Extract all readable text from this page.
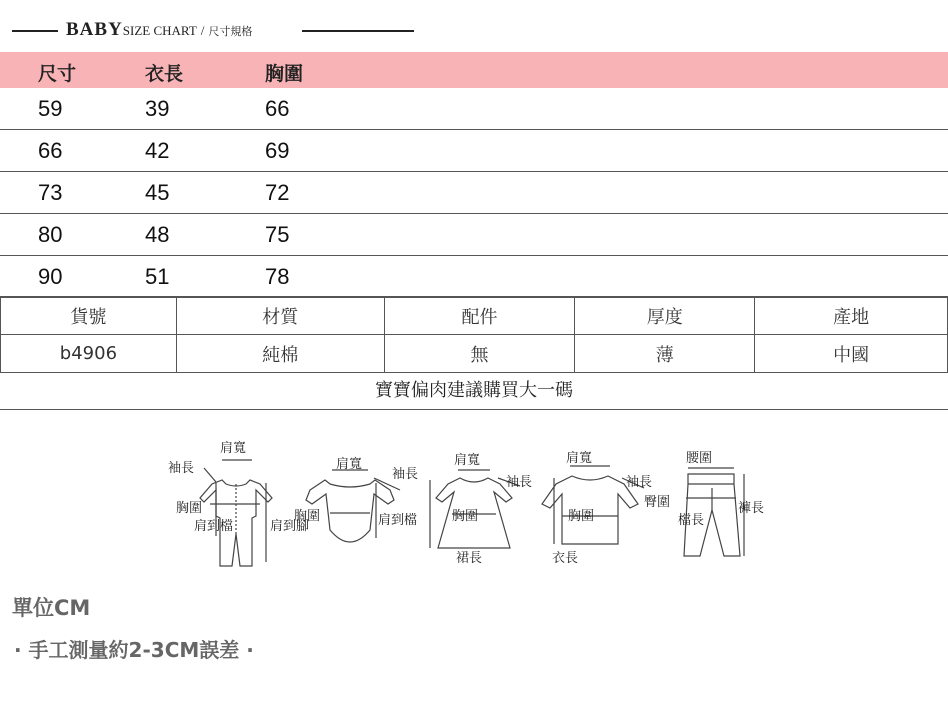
BABYSIZE CHART / 尺寸規格
尺寸	衣長	胸圍
59	39	66
66	42	69
73	45	72
80	48	75
90	51	78
貨號	材質	配件	厚度	產地
b4906	純棉	無	薄	中國
寶寶偏肉建議購買大一碼
肩寬
袖長
胸圍
肩到檔	肩到腳
肩寬
袖長
胸圍	肩到檔
肩寬
袖長
胸圍
裙長
肩寬
袖長
胸圍
衣長
腰圍
臀圍
檔長
褲長
單位CM
· 手工測量約2-3CM誤差 ·
